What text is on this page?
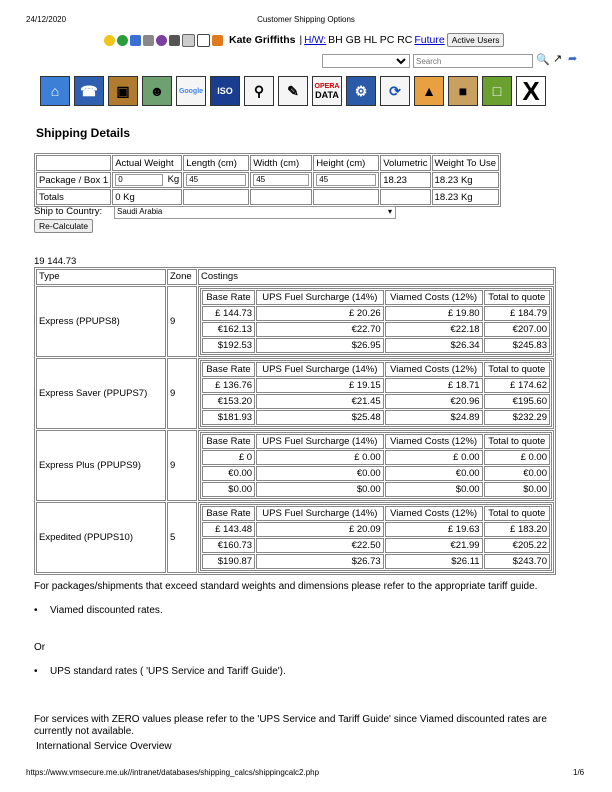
24/12/2020	Customer Shipping Options
Kate Griffiths | H/W: BH GB HL PC RC Future Active Users
Search
🔍 ↗ ➦
⌂	☎	▣	☻	Google	ISO	⚲	✎	OPERA
DATA	⚙	⟳	▲	■	□ X
Shipping Details
	Actual Weight	Length (cm)	Width (cm)	Height (cm)	Volumetric	Weight To Use
Package / Box 1	0 Kg	45	45	45	18.23	18.23 Kg
Totals	0 Kg					18.23 Kg
Ship to Country: Saudi Arabia	▾
Re-Calculate
19 144.73
Type	Zone	Costings
Express (PPUPS8)	9	
Base Rate	UPS Fuel Surcharge (14%)	Viamed Costs (12%)	Total to quote
£ 144.73	£ 20.26	£ 19.80	£ 184.79
€162.13	€22.70	€22.18	€207.00
$192.53	$26.95	$26.34	$245.83

Express Saver (PPUPS7)	9	
Base Rate	UPS Fuel Surcharge (14%)	Viamed Costs (12%)	Total to quote
£ 136.76	£ 19.15	£ 18.71	£ 174.62
€153.20	€21.45	€20.96	€195.60
$181.93	$25.48	$24.89	$232.29

Express Plus (PPUPS9)	9	
Base Rate	UPS Fuel Surcharge (14%)	Viamed Costs (12%)	Total to quote
£ 0	£ 0.00	£ 0.00	£ 0.00
€0.00	€0.00	€0.00	€0.00
$0.00	$0.00	$0.00	$0.00

Expedited (PPUPS10)	5	
Base Rate	UPS Fuel Surcharge (14%)	Viamed Costs (12%)	Total to quote
£ 143.48	£ 20.09	£ 19.63	£ 183.20
€160.73	€22.50	€21.99	€205.22
$190.87	$26.73	$26.11	$243.70
For packages/shipments that exceed standard weights and dimensions please refer to the appropriate tariff guide.
• Viamed discounted rates.
Or
• UPS standard rates ( 'UPS Service and Tariff Guide').
For services with ZERO values please refer to the 'UPS Service and Tariff Guide' since Viamed discounted rates are currently not available.
International Service Overview
https://www.vmsecure.me.uk//intranet/databases/shipping_calcs/shippingcalc2.php	1/6
